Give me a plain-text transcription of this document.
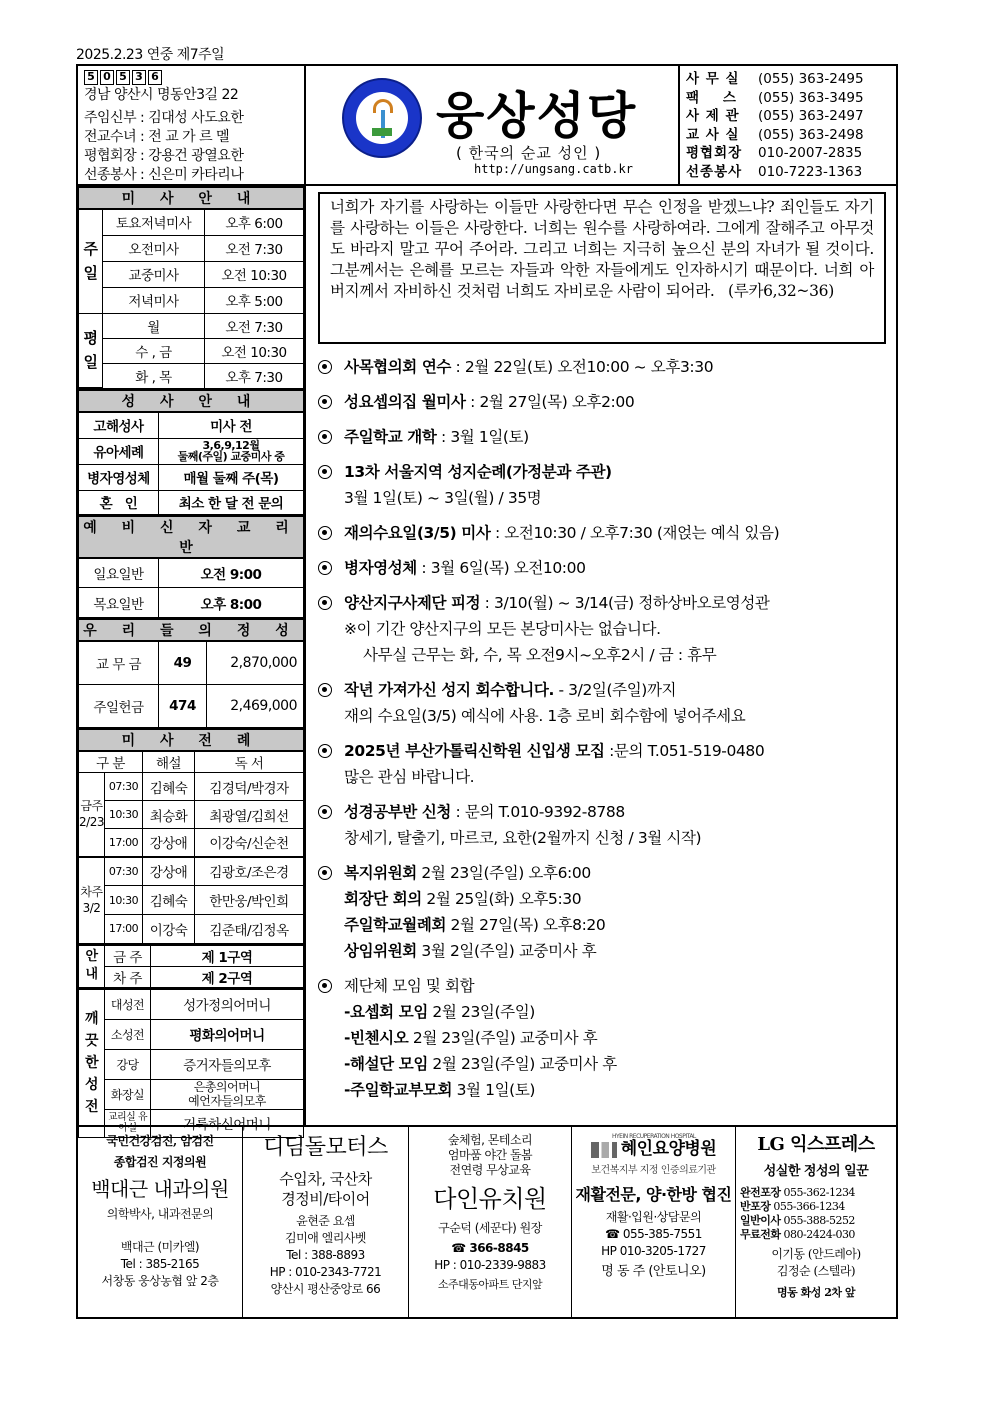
2025.2.23 연중 제7주일
5 0 5 3 6
경남 양산시 명동안3길 22
주임신부 : 김대성 사도요한
전교수녀 : 전 교 가 르 멜
평협회장 : 강용건 광열요한
선종봉사 : 신은미 카타리나
웅상성당
( 한국의 순교 성인 )
http://ungsang.catb.kr
사 무 실	(055) 363-2495
팩    스	(055) 363-3495
사 제 관	(055) 363-2497
교 사 실	(055) 363-2498
평협회장	010-2007-2835
선종봉사	010-7223-1363
미 사 안 내		
주
일	토요저녁미사	오후 6:00
	오전미사	오전 7:30
	교중미사	오전 10:30
	저녁미사	오후 5:00
평
일	월	오전 7:30
	수 , 금	오전 10:30
	화 , 목	오후 7:30
성 사 안 내	
고해성사	미사 전
유아세례	3,6,9,12월
둘째(주일) 교중미사 중

병자영성체	매월 둘째 주(목)
혼   인	최소 한 달 전 문의
예 비 신 자 교 리 반	
일요일반	오전 9:00
목요일반	오후 8:00
우 리 들 의 정 성		
교 무 금	49	2,870,000
주일헌금	474	2,469,000
미 사 전 례			
구 분		해설	독 서

금주
2/23	07:30	김혜숙	김경덕/박경자
	10:30	최승화	최광열/김희선
	17:00	강상애	이강숙/신순천

차주
3/2	07:30	강상애	김광호/조은경
	10:30	김혜숙	한만웅/박인희
	17:00	이강숙	김준태/김정옥
안
내	금 주	제 1구역
	차 주	제 2구역
깨
끗
한
성
전	대성전	성가정의어머니
	소성전	평화의어머니
	강당	증거자들의모후
	화장실	은총의어머니
예언자들의모후

	교리실 유아실	거룩하신어머니
너희가 자기를 사랑하는 이들만 사랑한다면 무슨 인정을 받겠느냐? 죄인들도 자기를 사랑하는 이들은 사랑한다. 너희는 원수를 사랑하여라. 그에게 잘해주고 아무것도 바라지 말고 꾸어 주어라. 그리고 너희는 지극히 높으신 분의 자녀가 될 것이다. 그분께서는 은혜를 모르는 자들과 악한 자들에게도 인자하시기 때문이다. 너희 아버지께서 자비하신 것처럼 너희도 자비로운 사람이 되어라. (루카6,32~36)
사목협의회 연수 : 2월 22일(토) 오전10:00 ~ 오후3:30
성요셉의집 월미사 : 2월 27일(목) 오후2:00
주일학교 개학 : 3월 1일(토)
13차 서울지역 성지순례(가정분과 주관)
3월 1일(토) ~ 3일(월) / 35명
재의수요일(3/5) 미사 : 오전10:30 / 오후7:30 (재얹는 예식 있음)
병자영성체 : 3월 6일(목) 오전10:00
양산지구사제단 피정 : 3/10(월) ~ 3/14(금) 정하상바오로영성관
※이 기간 양산지구의 모든 본당미사는 없습니다.
사무실 근무는 화, 수, 목 오전9시~오후2시 / 금 : 휴무
작년 가져가신 성지 회수합니다. - 3/2일(주일)까지
재의 수요일(3/5) 예식에 사용. 1층 로비 회수함에 넣어주세요
2025년 부산가톨릭신학원 신입생 모집 :문의 T.051-519-0480
많은 관심 바랍니다.
성경공부반 신청 : 문의 T.010-9392-8788
창세기, 탈출기, 마르코, 요한(2월까지 신청 / 3월 시작)
복지위원회 2월 23일(주일) 오후6:00
회장단 회의 2월 25일(화) 오후5:30
주일학교월례회 2월 27일(목) 오후8:20
상임위원회 3월 2일(주일) 교중미사 후
제단체 모임 및 회합
-요셉회 모임 2월 23일(주일)
-빈첸시오 2월 23일(주일) 교중미사 후
-해설단 모임 2월 23일(주일) 교중미사 후
-주일학교부모회 3월 1일(토)
국민건강검진, 암검진
종합검진 지정의원
백대근 내과의원
의학박사, 내과전문의
백대근 (미카엘)
Tel : 385-2165
서창동 웅상농협 앞 2층
디딤돌모터스
수입차, 국산차
경정비/타이어
윤현준 요셉
김미애 엘리사벳
Tel : 388-8893
HP : 010-2343-7721
양산시 평산중앙로 66
숲체험, 몬테소리
엄마품 야간 돌봄
전연령 무상교육
다인유치원
구순덕 (세꾼다) 원장
☎ 366-8845
HP : 010-2339-9883
소주대동아파트 단지앞
HYEIN RECUPERATION HOSPITAL
혜인요양병원
보건복지부 지정 인증의료기관
재활전문, 양·한방 협진
재활·입원·상담문의
☎ 055-385-7551
HP 010-3205-1727
명 동 주 (안토니오)
LG 익스프레스
성실한 정성의 일꾼
완전포장 055-362-1234
반포장 055-366-1234
일반이사 055-388-5252
무료전화 080-2424-030
이기동 (안드레아)
김정순 (스텔라)
명동 화성 2차 앞
